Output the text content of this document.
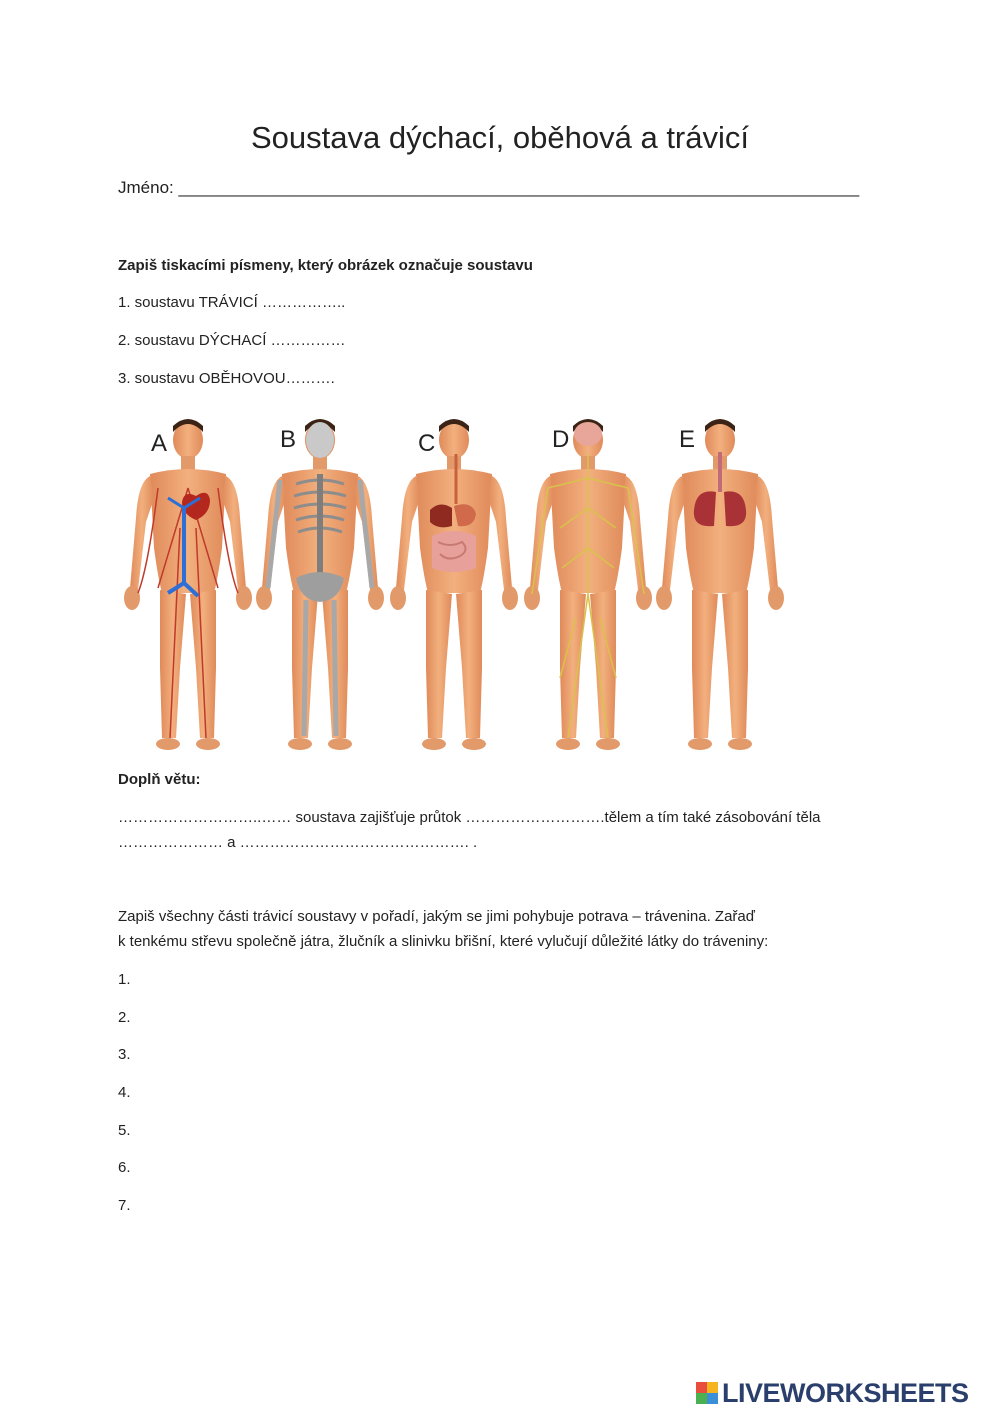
Soustava dýchací, oběhová a trávicí
Jméno: ________________________________________________________________________
Zapiš tiskacími písmeny, který obrázek označuje soustavu
1. soustavu TRÁVICÍ ……………..
2. soustavu DÝCHACÍ ……………
3. soustavu OBĚHOVOU……….
A	B	C	D	E
Doplň větu:
………………………..…… soustava zajišťuje průtok ……………………….tělem a tím také zásobování těla
………………… a ………………………………………. .
Zapiš všechny části trávicí soustavy v pořadí, jakým se jimi pohybuje potrava – trávenina. Zařaď
k tenkému střevu společně játra, žlučník a slinivku břišní, které vylučují důležité látky do tráveniny:
1.
2.
3.
4.
5.
6.
7.
LIVEWORKSHEETS
